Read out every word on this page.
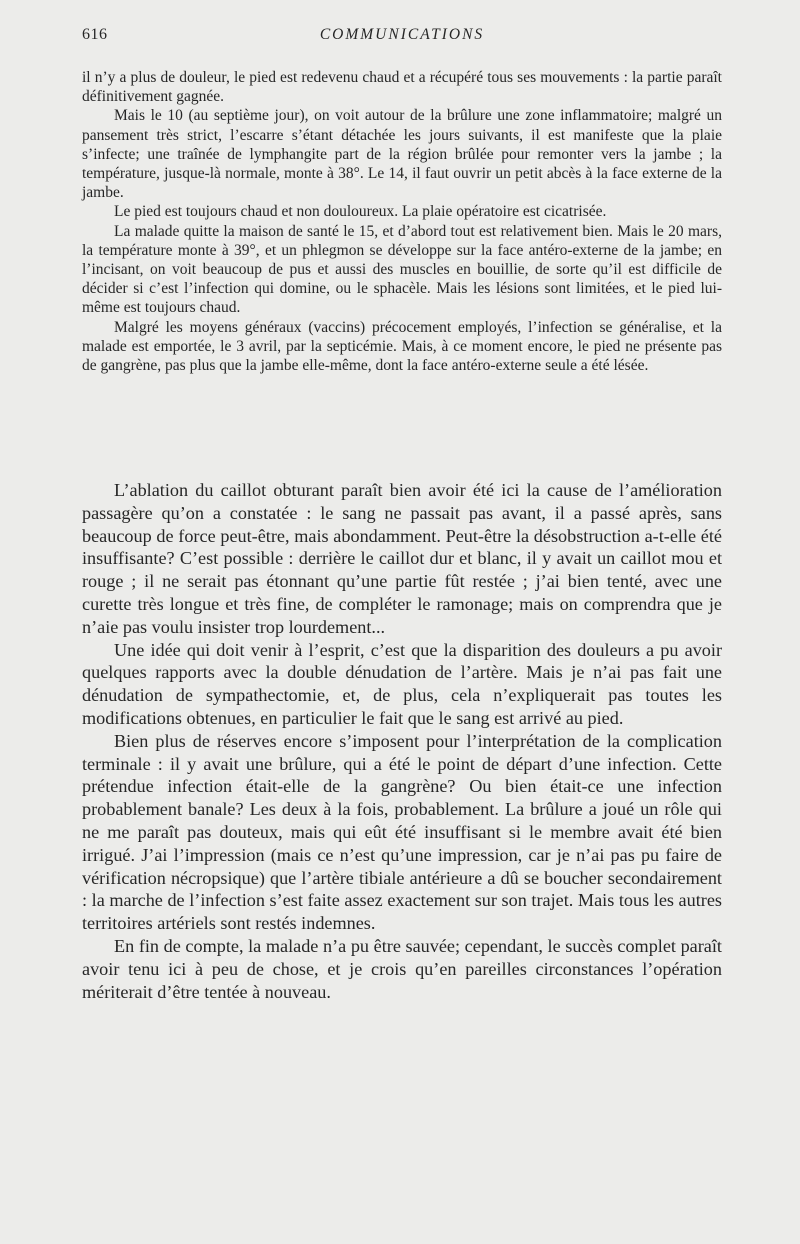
616	COMMUNICATIONS

il n’y a plus de douleur, le pied est redevenu chaud et a récupéré tous ses mouvements : la partie paraît définitivement gagnée.

Mais le 10 (au septième jour), on voit autour de la brûlure une zone inflammatoire; malgré un pansement très strict, l’escarre s’étant détachée les jours suivants, il est manifeste que la plaie s’infecte; une traînée de lymphangite part de la région brûlée pour remonter vers la jambe ; la température, jusque-là normale, monte à 38°. Le 14, il faut ouvrir un petit abcès à la face externe de la jambe.

Le pied est toujours chaud et non douloureux. La plaie opératoire est cicatrisée.

La malade quitte la maison de santé le 15, et d’abord tout est relativement bien. Mais le 20 mars, la température monte à 39°, et un phlegmon se développe sur la face antéro-externe de la jambe; en l’incisant, on voit beaucoup de pus et aussi des muscles en bouillie, de sorte qu’il est difficile de décider si c’est l’infection qui domine, ou le sphacèle. Mais les lésions sont limitées, et le pied lui-même est toujours chaud.

Malgré les moyens généraux (vaccins) précocement employés, l’infection se généralise, et la malade est emportée, le 3 avril, par la septicémie. Mais, à ce moment encore, le pied ne présente pas de gangrène, pas plus que la jambe elle-même, dont la face antéro-externe seule a été lésée.

L’ablation du caillot obturant paraît bien avoir été ici la cause de l’amélioration passagère qu’on a constatée : le sang ne passait pas avant, il a passé après, sans beaucoup de force peut-être, mais abondamment. Peut-être la désobstruction a-t-elle été insuffisante? C’est possible : derrière le caillot dur et blanc, il y avait un caillot mou et rouge ; il ne serait pas étonnant qu’une partie fût restée ; j’ai bien tenté, avec une curette très longue et très fine, de compléter le ramonage; mais on comprendra que je n’aie pas voulu insister trop lourdement...

Une idée qui doit venir à l’esprit, c’est que la disparition des douleurs a pu avoir quelques rapports avec la double dénudation de l’artère. Mais je n’ai pas fait une dénudation de sympathectomie, et, de plus, cela n’expliquerait pas toutes les modifications obtenues, en particulier le fait que le sang est arrivé au pied.

Bien plus de réserves encore s’imposent pour l’interprétation de la complication terminale : il y avait une brûlure, qui a été le point de départ d’une infection. Cette prétendue infection était-elle de la gangrène? Ou bien était-ce une infection probablement banale? Les deux à la fois, probablement. La brûlure a joué un rôle qui ne me paraît pas douteux, mais qui eût été insuffisant si le membre avait été bien irrigué. J’ai l’impression (mais ce n’est qu’une impression, car je n’ai pas pu faire de vérification nécropsique) que l’artère tibiale antérieure a dû se boucher secondairement : la marche de l’infection s’est faite assez exactement sur son trajet. Mais tous les autres territoires artériels sont restés indemnes.

En fin de compte, la malade n’a pu être sauvée; cependant, le succès complet paraît avoir tenu ici à peu de chose, et je crois qu’en pareilles circonstances l’opération mériterait d’être tentée à nouveau.
